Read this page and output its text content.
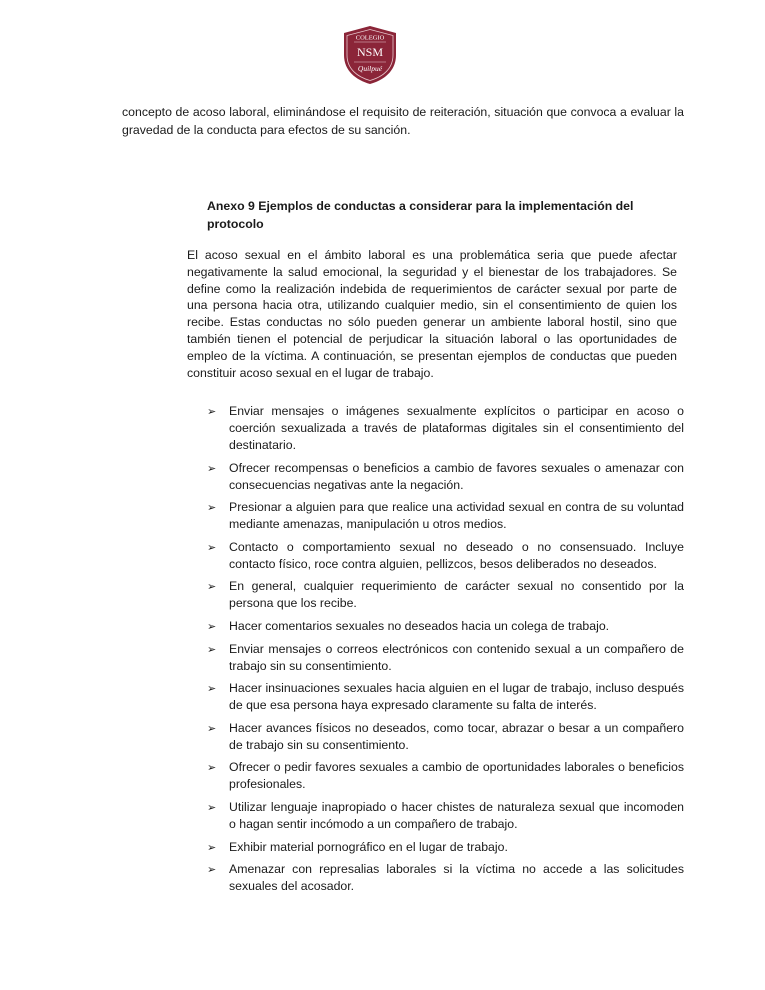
COLEGIO
NSM
Quilpué

concepto de acoso laboral, eliminándose el requisito de reiteración, situación que convoca a evaluar la gravedad de la conducta para efectos de su sanción.

Anexo 9 Ejemplos de conductas a considerar para la implementación del protocolo

El acoso sexual en el ámbito laboral es una problemática seria que puede afectar negativamente la salud emocional, la seguridad y el bienestar de los trabajadores. Se define como la realización indebida de requerimientos de carácter sexual por parte de una persona hacia otra, utilizando cualquier medio, sin el consentimiento de quien los recibe. Estas conductas no sólo pueden generar un ambiente laboral hostil, sino que también tienen el potencial de perjudicar la situación laboral o las oportunidades de empleo de la víctima. A continuación, se presentan ejemplos de conductas que pueden constituir acoso sexual en el lugar de trabajo.

➢	Enviar mensajes o imágenes sexualmente explícitos o participar en acoso o coerción sexualizada a través de plataformas digitales sin el consentimiento del destinatario.
➢	Ofrecer recompensas o beneficios a cambio de favores sexuales o amenazar con consecuencias negativas ante la negación.
➢	Presionar a alguien para que realice una actividad sexual en contra de su voluntad mediante amenazas, manipulación u otros medios.
➢	Contacto o comportamiento sexual no deseado o no consensuado. Incluye contacto físico, roce contra alguien, pellizcos, besos deliberados no deseados.
➢	En general, cualquier requerimiento de carácter sexual no consentido por la persona que los recibe.
➢	Hacer comentarios sexuales no deseados hacia un colega de trabajo.
➢	Enviar mensajes o correos electrónicos con contenido sexual a un compañero de trabajo sin su consentimiento.
➢	Hacer insinuaciones sexuales hacia alguien en el lugar de trabajo, incluso después de que esa persona haya expresado claramente su falta de interés.
➢	Hacer avances físicos no deseados, como tocar, abrazar o besar a un compañero de trabajo sin su consentimiento.
➢	Ofrecer o pedir favores sexuales a cambio de oportunidades laborales o beneficios profesionales.
➢	Utilizar lenguaje inapropiado o hacer chistes de naturaleza sexual que incomoden o hagan sentir incómodo a un compañero de trabajo.
➢	Exhibir material pornográfico en el lugar de trabajo.
➢	Amenazar con represalias laborales si la víctima no accede a las solicitudes sexuales del acosador.
